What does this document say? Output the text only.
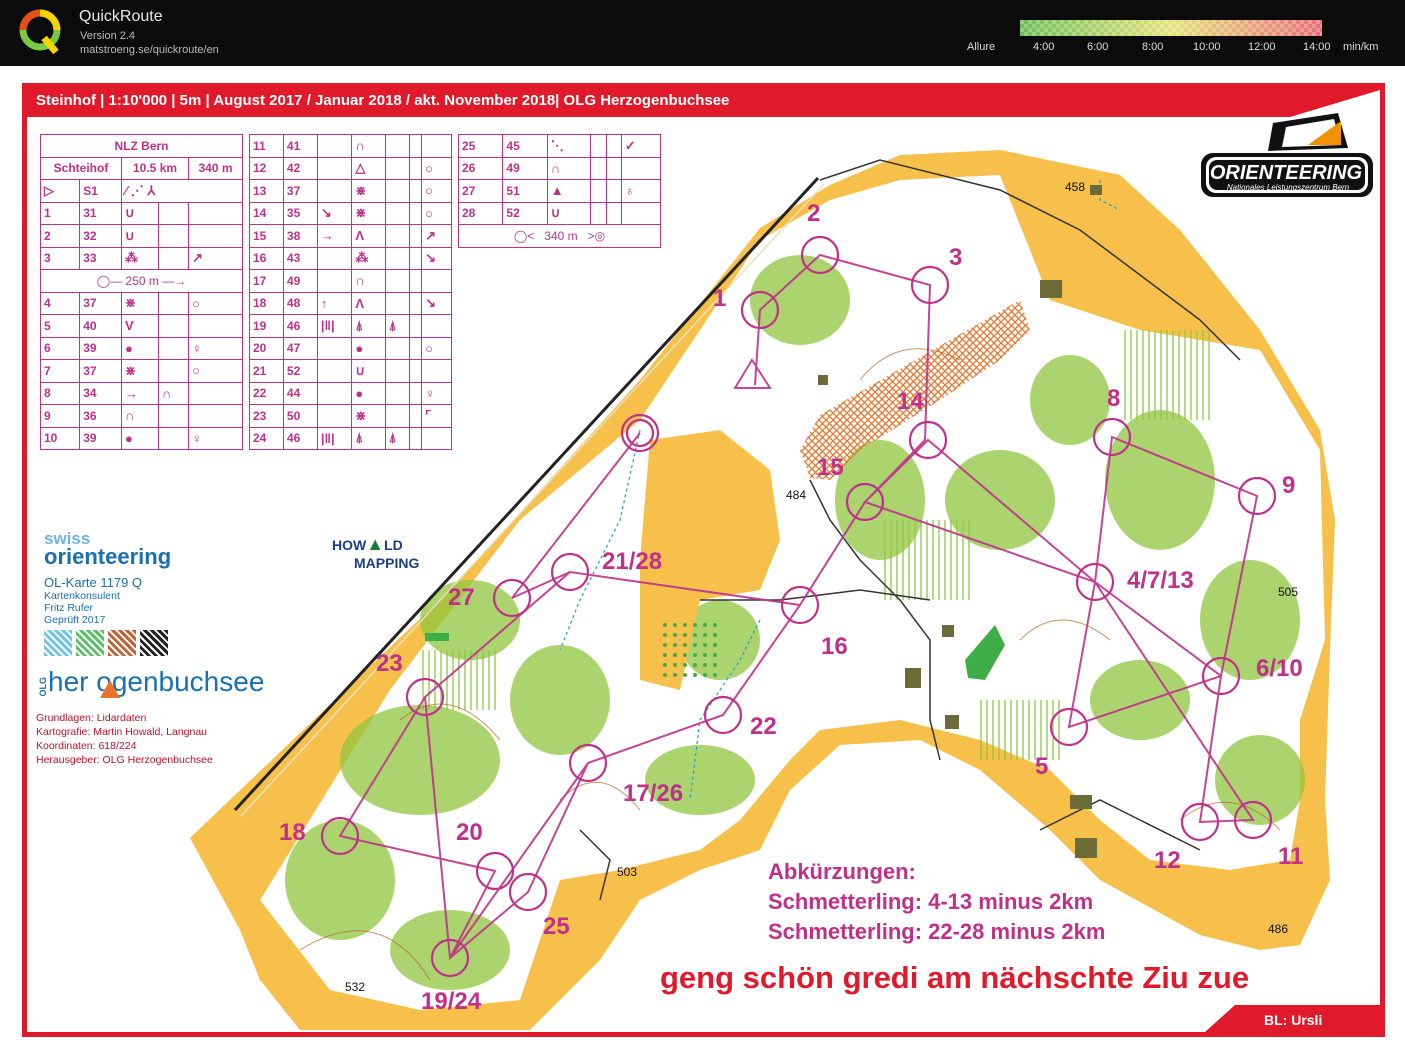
QuickRoute
Version 2.4
matstroeng.se/quickroute/en	Allure	4:00	6:00	8:00	10:00 12:00 14:00 min/km
Steinhof | 1:10'000 | 5m | August 2017 / Januar 2018 / akt. November 2018| OLG Herzogenbuchsee
ORIENTEERING
Nationales Leistungszentrum Bern
NLZ Bern				
Schteihof		10.5 km		340 m
▷	S1	⁄ ⋰ ⅄		
1	31	∪		
2	32	∪		
3	33	⁂		↗
◯— 250 m —→				
4	37	⋇		○
5	40	V		
6	39	●		♀
7	37	⋇		○
8	34	→	∩	
9	36	∩		
10	39	●		♀
11	41		∩			
12	42		△			○
13	37		⋇			○
14	35	↘	⋇			○
15	38	→	Λ			↗
16	43		⁂			↘
17	49		∩			
18	48	↑	Λ			↘
19	46	|‖|	⍋	⍋		
20	47		●			○
21	52		∪			
22	44		●			♀
23	50		⋇			⌜
24	46	|‖|	⍋	⍋		
25	45	⋱			✓
26	49	∩			
27	51	▲			♁
28	52	∪			
◯< 340 m >◎					
swiss
orienteering	HOW▲LD
MAPPING
OL-Karte 1179 Q
Kartenkonsulent
Fritz Rufer
Geprüft 2017
OLG her ogenbuchsee
Grundlagen: Lidardaten
Kartografie: Martin Howald, Langnau
Koordinaten: 618/224
Herausgeber: OLG Herzogenbuchsee
1
2
3
14	8
15
9
21/28
4/7/13
27
16
6/10
23
22
5
17/26
18	20
12	11
25
19/24
458
484
505
503
486
532
Abkürzungen:
Schmetterling: 4-13 minus 2km
Schmetterling: 22-28 minus 2km
geng schön gredi am nächschte Ziu zue
BL: Ursli
